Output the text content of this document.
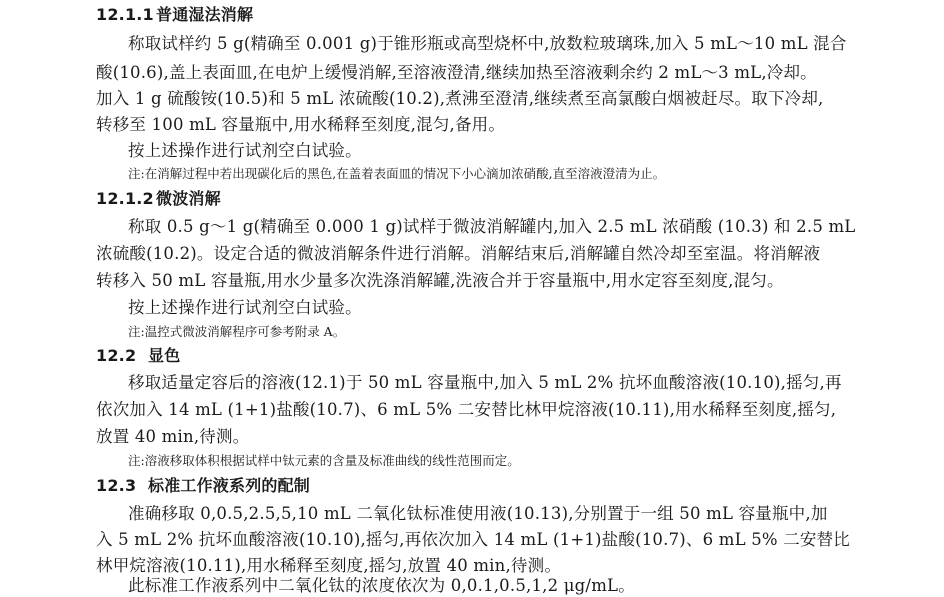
12.1.1 普通湿法消解
称取试样约 5 g(精确至 0.001 g)于锥形瓶或高型烧杯中,放数粒玻璃珠,加入 5 mL～10 mL 混合
酸(10.6),盖上表面皿,在电炉上缓慢消解,至溶液澄清,继续加热至溶液剩余约 2 mL～3 mL,冷却。
加入 1 g 硫酸铵(10.5)和 5 mL 浓硫酸(10.2),煮沸至澄清,继续煮至高氯酸白烟被赶尽。取下冷却,
转移至 100 mL 容量瓶中,用水稀释至刻度,混匀,备用。
按上述操作进行试剂空白试验。
注:在消解过程中若出现碳化后的黑色,在盖着表面皿的情况下小心滴加浓硝酸,直至溶液澄清为止。
12.1.2 微波消解
称取 0.5 g～1 g(精确至 0.000 1 g)试样于微波消解罐内,加入 2.5 mL 浓硝酸 (10.3) 和 2.5 mL
浓硫酸(10.2)。设定合适的微波消解条件进行消解。消解结束后,消解罐自然冷却至室温。将消解液
转移入 50 mL 容量瓶,用水少量多次洗涤消解罐,洗液合并于容量瓶中,用水定容至刻度,混匀。
按上述操作进行试剂空白试验。
注:温控式微波消解程序可参考附录 A。
12.2 显色
移取适量定容后的溶液(12.1)于 50 mL 容量瓶中,加入 5 mL 2% 抗坏血酸溶液(10.10),摇匀,再
依次加入 14 mL (1+1)盐酸(10.7)、6 mL 5% 二安替比林甲烷溶液(10.11),用水稀释至刻度,摇匀,
放置 40 min,待测。
注:溶液移取体积根据试样中钛元素的含量及标准曲线的线性范围而定。
12.3 标准工作液系列的配制
准确移取 0,0.5,2.5,5,10 mL 二氧化钛标准使用液(10.13),分别置于一组 50 mL 容量瓶中,加
入 5 mL 2% 抗坏血酸溶液(10.10),摇匀,再依次加入 14 mL (1+1)盐酸(10.7)、6 mL 5% 二安替比
林甲烷溶液(10.11),用水稀释至刻度,摇匀,放置 40 min,待测。
此标准工作液系列中二氧化钛的浓度依次为 0,0.1,0.5,1,2 μg/mL。
